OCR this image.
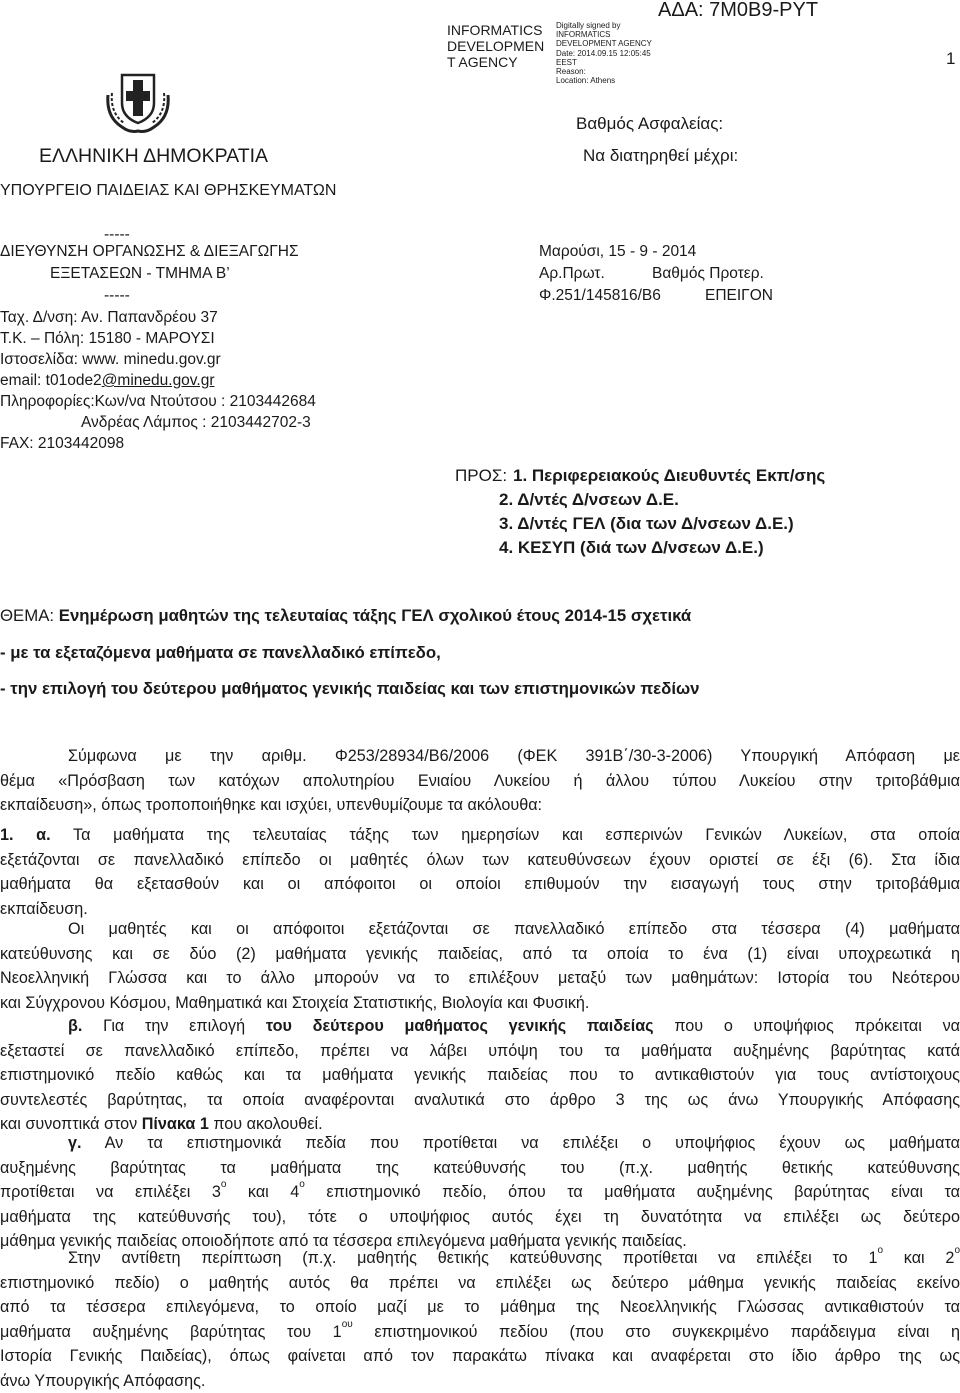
INFORMATICS
DEVELOPMEN
T AGENCY
Digitally signed by
INFORMATICS
DEVELOPMENT AGENCY
Date: 2014.09.15 12:05:45
EEST
Reason:
Location: Athens
ΑΔΑ: 7Μ0Β9-ΡΥΤ
1
Βαθμός Ασφαλείας:
Να διατηρηθεί μέχρι:
ΕΛΛΗΝΙΚΗ ΔΗΜΟΚΡΑΤΙΑ
ΥΠΟΥΡΓΕΙΟ ΠΑΙΔΕΙΑΣ ΚΑΙ ΘΡΗΣΚΕΥΜΑΤΩΝ
-----
ΔΙΕΥΘΥΝΣΗ ΟΡΓΑΝΩΣΗΣ & ΔΙΕΞΑΓΩΓΗΣ
ΕΞΕΤΑΣΕΩΝ - ΤΜΗΜΑ Β’
-----
Ταχ. Δ/νση: Αν. Παπανδρέου 37
Τ.Κ. – Πόλη: 15180 - ΜΑΡΟΥΣΙ
Ιστοσελίδα: www. minedu.gov.gr
email: t01ode2@minedu.gov.gr
Πληροφορίες:Κων/να Ντούτσου : 2103442684
Ανδρέας Λάμπος : 2103442702-3
FAX: 2103442098
Μαρούσι, 15 - 9 - 2014
Αρ.Πρωτ.	Βαθμός Προτερ.
Φ.251/145816/Β6	ΕΠΕΙΓΟΝ
ΠΡΟΣ: 1. Περιφερειακούς Διευθυντές Εκπ/σης
2. Δ/ντές Δ/νσεων Δ.Ε.
3. Δ/ντές ΓΕΛ (δια των Δ/νσεων Δ.Ε.)
4. ΚΕΣΥΠ (διά των Δ/νσεων Δ.Ε.)
ΘΕΜΑ: Ενημέρωση μαθητών της τελευταίας τάξης ΓΕΛ σχολικού έτους 2014-15 σχετικά
- με τα εξεταζόμενα μαθήματα σε πανελλαδικό επίπεδο,
- την επιλογή του δεύτερου μαθήματος γενικής παιδείας και των επιστημονικών πεδίων
Σύμφωνα με την αριθμ. Φ253/28934/Β6/2006 (ΦΕΚ 391Β΄/30-3-2006) Υπουργική Απόφαση με
θέμα «Πρόσβαση των κατόχων απολυτηρίου Ενιαίου Λυκείου ή άλλου τύπου Λυκείου στην τριτοβάθμια
εκπαίδευση», όπως τροποποιήθηκε και ισχύει, υπενθυμίζουμε τα ακόλουθα:
1. α. Τα μαθήματα της τελευταίας τάξης των ημερησίων και εσπερινών Γενικών Λυκείων, στα οποία
εξετάζονται σε πανελλαδικό επίπεδο οι μαθητές όλων των κατευθύνσεων έχουν οριστεί σε έξι (6). Στα ίδια
μαθήματα θα εξετασθούν και οι απόφοιτοι οι οποίοι επιθυμούν την εισαγωγή τους στην τριτοβάθμια
εκπαίδευση.
Οι μαθητές και οι απόφοιτοι εξετάζονται σε πανελλαδικό επίπεδο στα τέσσερα (4) μαθήματα
κατεύθυνσης και σε δύο (2) μαθήματα γενικής παιδείας, από τα οποία το ένα (1) είναι υποχρεωτικά η
Νεοελληνική Γλώσσα και το άλλο μπορούν να το επιλέξουν μεταξύ των μαθημάτων: Ιστορία του Νεότερου
και Σύγχρονου Κόσμου, Μαθηματικά και Στοιχεία Στατιστικής, Βιολογία και Φυσική.
β. Για την επιλογή του δεύτερου μαθήματος γενικής παιδείας που ο υποψήφιος πρόκειται να
εξεταστεί σε πανελλαδικό επίπεδο, πρέπει να λάβει υπόψη του τα μαθήματα αυξημένης βαρύτητας κατά
επιστημονικό πεδίο καθώς και τα μαθήματα γενικής παιδείας που το αντικαθιστούν για τους αντίστοιχους
συντελεστές βαρύτητας, τα οποία αναφέρονται αναλυτικά στο άρθρο 3 της ως άνω Υπουργικής Απόφασης
και συνοπτικά στον Πίνακα 1 που ακολουθεί.
γ. Αν τα επιστημονικά πεδία που προτίθεται να επιλέξει ο υποψήφιος έχουν ως μαθήματα
αυξημένης βαρύτητας τα μαθήματα της κατεύθυνσής του (π.χ. μαθητής θετικής κατεύθυνσης
προτίθεται να επιλέξει $3^o$ και $4^o$ επιστημονικό πεδίο, όπου τα μαθήματα αυξημένης βαρύτητας είναι τα
μαθήματα της κατεύθυνσής του), τότε ο υποψήφιος αυτός έχει τη δυνατότητα να επιλέξει ως δεύτερο
μάθημα γενικής παιδείας οποιοδήποτε από τα τέσσερα επιλεγόμενα μαθήματα γενικής παιδείας.
Στην αντίθετη περίπτωση (π.χ. μαθητής θετικής κατεύθυνσης προτίθεται να επιλέξει το $1^o$ και $2^o$
επιστημονικό πεδίο) ο μαθητής αυτός θα πρέπει να επιλέξει ως δεύτερο μάθημα γενικής παιδείας εκείνο
από τα τέσσερα επιλεγόμενα, το οποίο μαζί με το μάθημα της Νεοελληνικής Γλώσσας αντικαθιστούν τα
μαθήματα αυξημένης βαρύτητας του $1^{o\upsilon}$ επιστημονικού πεδίου (που στο συγκεκριμένο παράδειγμα είναι η
Ιστορία Γενικής Παιδείας), όπως φαίνεται από τον παρακάτω πίνακα και αναφέρεται στο ίδιο άρθρο της ως
άνω Υπουργικής Απόφασης.
